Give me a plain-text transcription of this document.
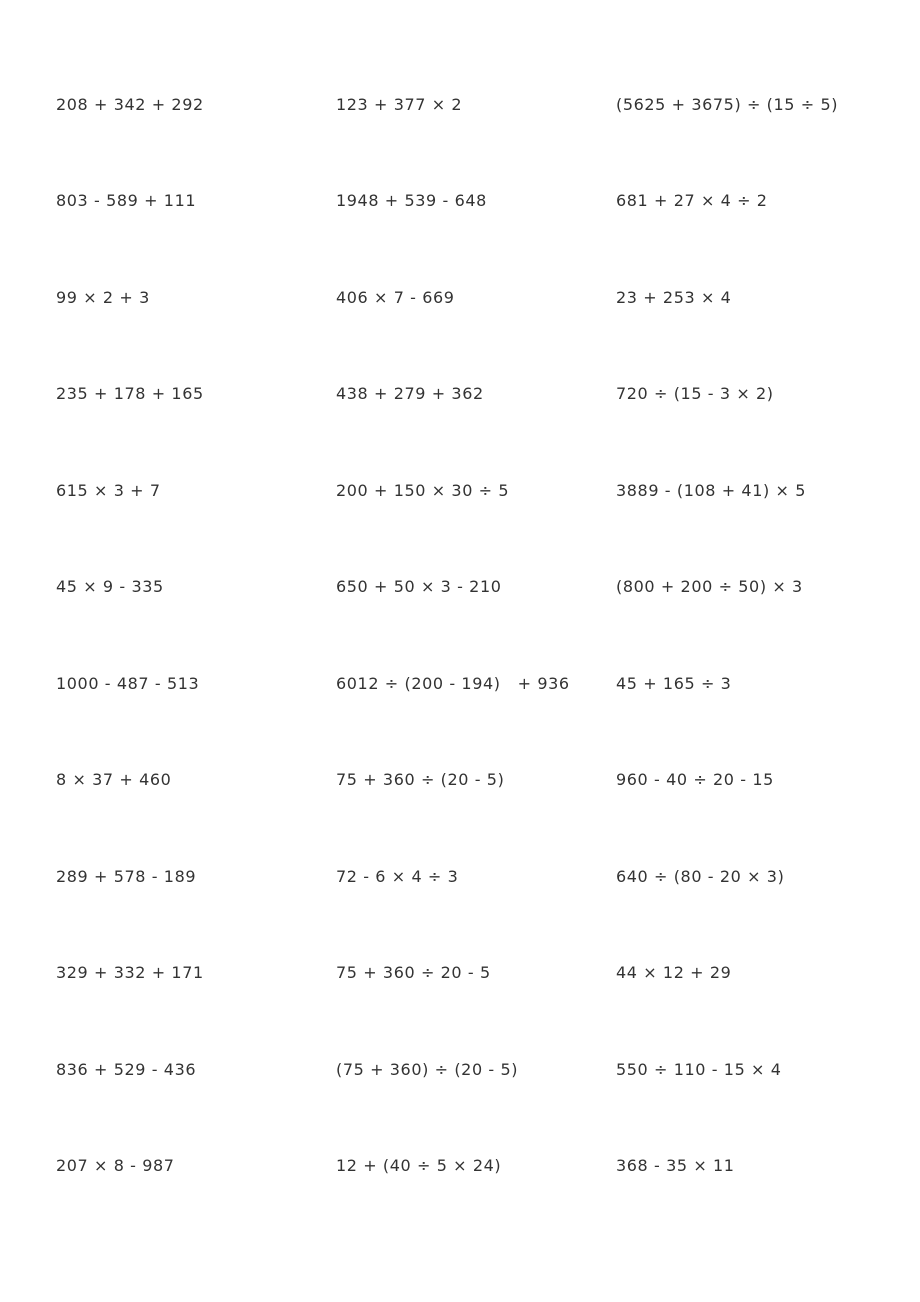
208 + 342 + 292	123 + 377 × 2	(5625 + 3675) ÷ (15 ÷ 5)
803 - 589 + 111	1948 + 539 - 648	681 + 27 × 4 ÷ 2
99 × 2 + 3	406 × 7 - 669	23 + 253 × 4
235 + 178 + 165	438 + 279 + 362	720 ÷ (15 - 3 × 2)
615 × 3 + 7	200 + 150 × 30 ÷ 5	3889 - (108 + 41) × 5
45 × 9 - 335	650 + 50 × 3 - 210	(800 + 200 ÷ 50) × 3
1000 - 487 - 513	6012 ÷ (200 - 194)   + 936	45 + 165 ÷ 3
8 × 37 + 460	75 + 360 ÷ (20 - 5)	960 - 40 ÷ 20 - 15
289 + 578 - 189	72 - 6 × 4 ÷ 3	640 ÷ (80 - 20 × 3)
329 + 332 + 171	75 + 360 ÷ 20 - 5	44 × 12 + 29
836 + 529 - 436	(75 + 360) ÷ (20 - 5)	550 ÷ 110 - 15 × 4
207 × 8 - 987	12 + (40 ÷ 5 × 24)	368 - 35 × 11
